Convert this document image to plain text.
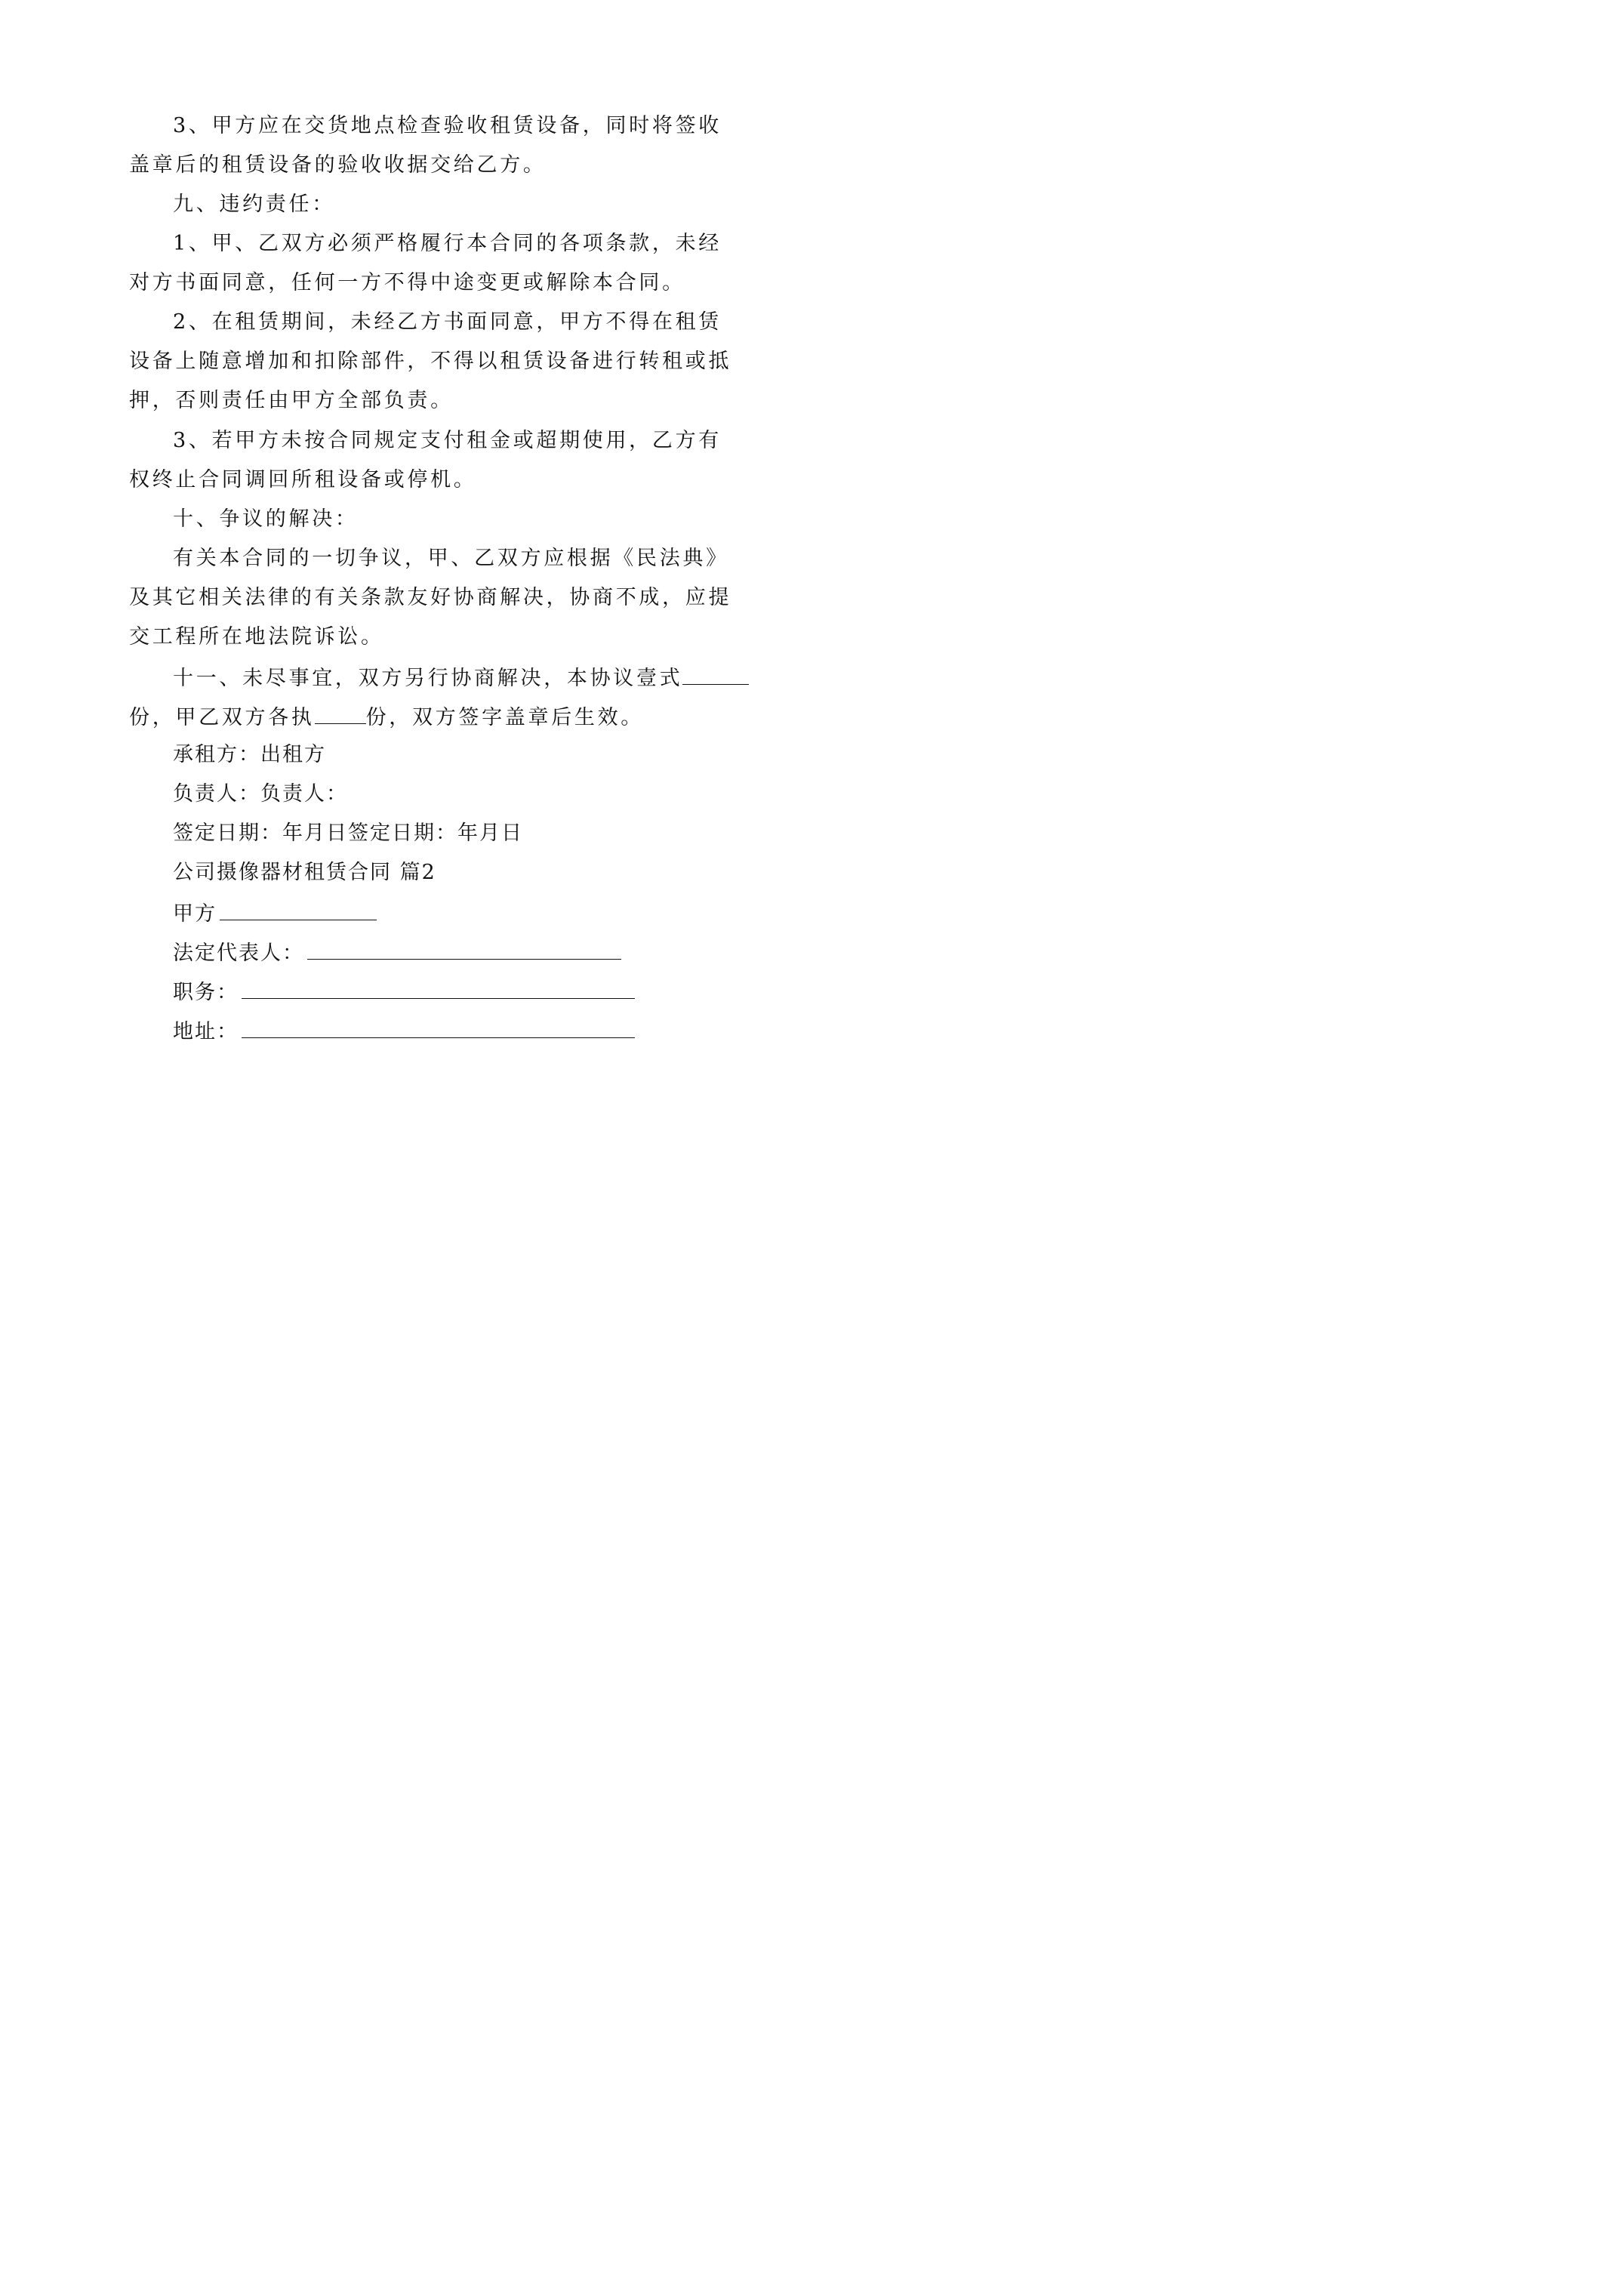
3、甲方应在交货地点检查验收租赁设备，同时将签收
盖章后的租赁设备的验收收据交给乙方。
九、违约责任：
1、甲、乙双方必须严格履行本合同的各项条款，未经
对方书面同意，任何一方不得中途变更或解除本合同。
2、在租赁期间，未经乙方书面同意，甲方不得在租赁
设备上随意增加和扣除部件，不得以租赁设备进行转租或抵
押，否则责任由甲方全部负责。
3、若甲方未按合同规定支付租金或超期使用，乙方有
权终止合同调回所租设备或停机。
十、争议的解决：
有关本合同的一切争议，甲、乙双方应根据《民法典》
及其它相关法律的有关条款友好协商解决，协商不成，应提
交工程所在地法院诉讼。
十一、未尽事宜，双方另行协商解决，本协议壹式
份，甲乙双方各执	份，双方签字盖章后生效。
承租方：出租方
负责人：负责人：
签定日期：年月日签定日期：年月日
公司摄像器材租赁合同 篇2
甲方
法定代表人：
职务：
地址：
